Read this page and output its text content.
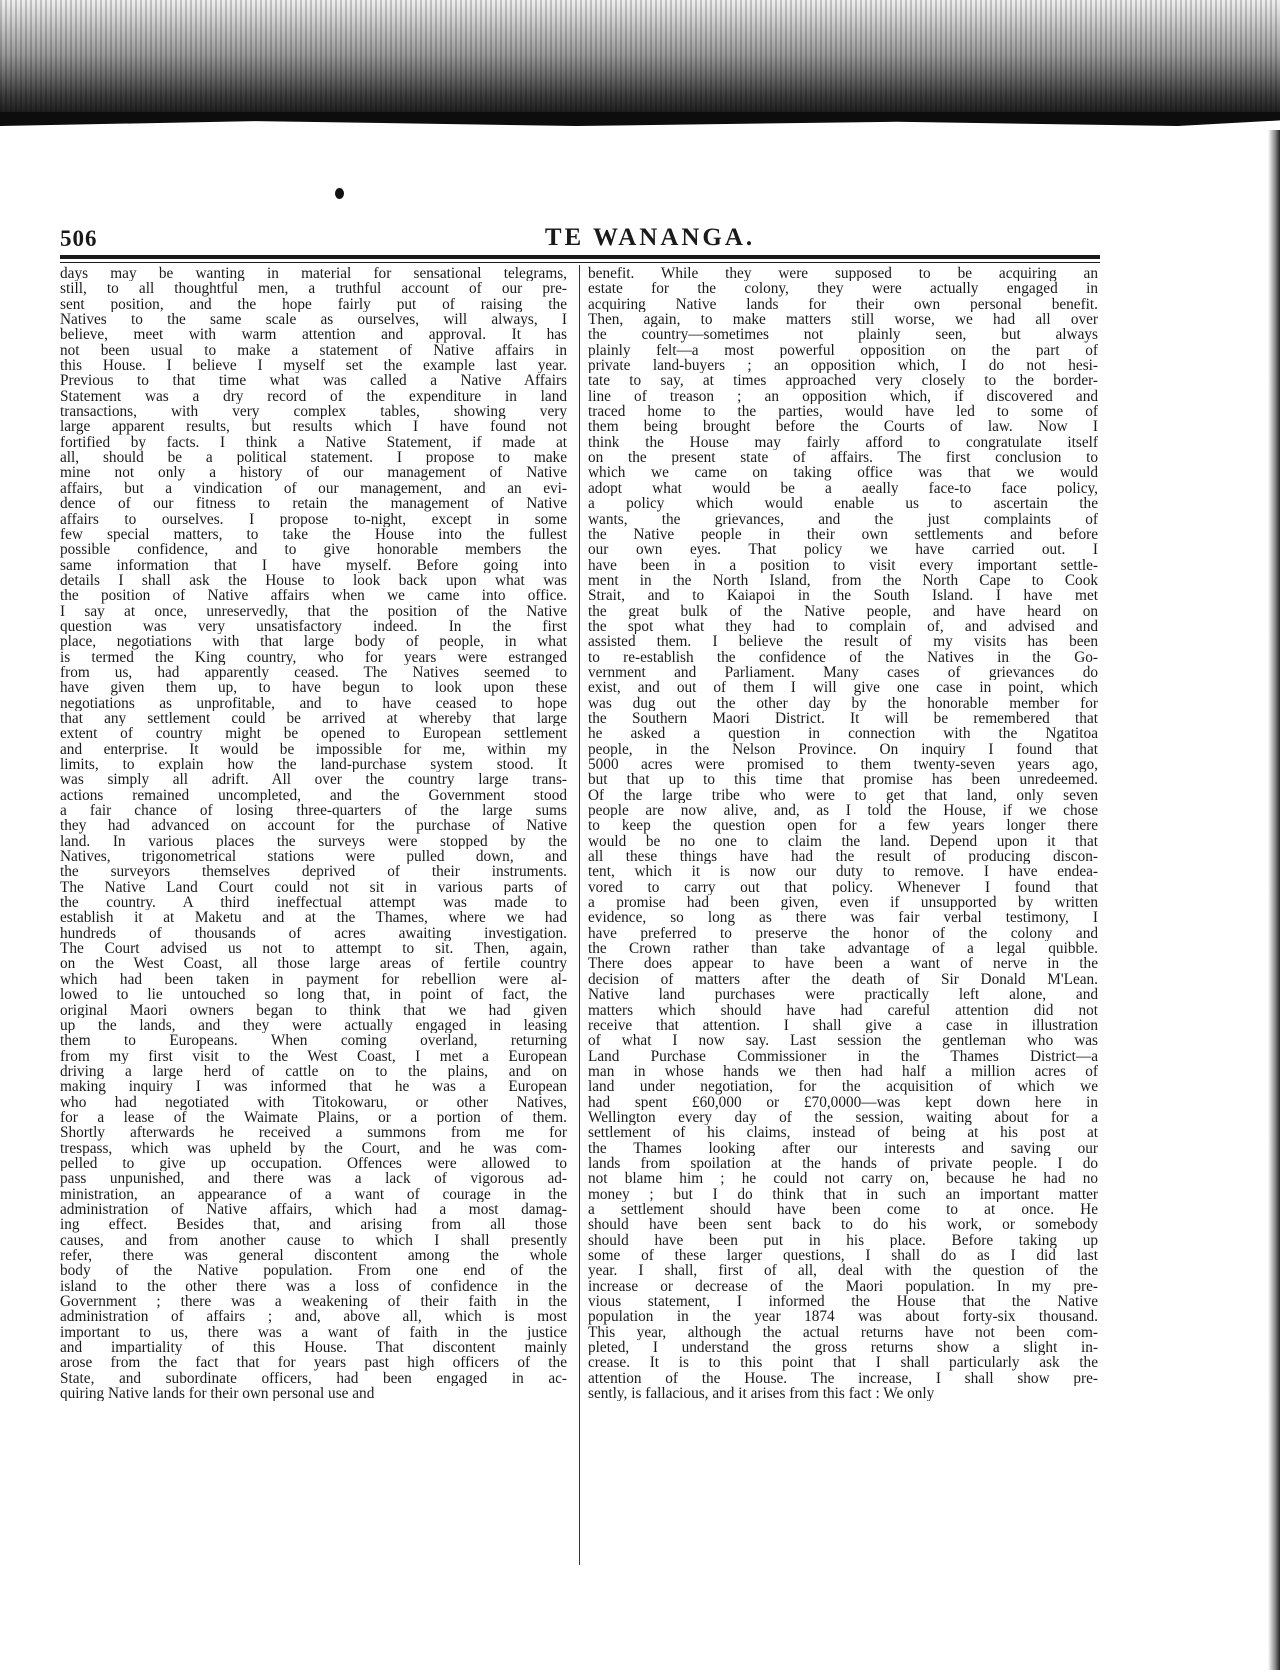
506	TE WANANGA.
days may be wanting in material for sensational telegrams,
still, to all thoughtful men, a truthful account of our pre-
sent position, and the hope fairly put of raising the
Natives to the same scale as ourselves, will always, I
believe, meet with warm attention and approval. It has
not been usual to make a statement of Native affairs in
this House. I believe I myself set the example last year.
Previous to that time what was called a Native Affairs
Statement was a dry record of the expenditure in land
transactions, with very complex tables, showing very
large apparent results, but results which I have found not
fortified by facts. I think a Native Statement, if made at
all, should be a political statement. I propose to make
mine not only a history of our management of Native
affairs, but a vindication of our management, and an evi-
dence of our fitness to retain the management of Native
affairs to ourselves. I propose to-night, except in some
few special matters, to take the House into the fullest
possible confidence, and to give honorable members the
same information that I have myself. Before going into
details I shall ask the House to look back upon what was
the position of Native affairs when we came into office.
I say at once, unreservedly, that the position of the Native
question was very unsatisfactory indeed. In the first
place, negotiations with that large body of people, in what
is termed the King country, who for years were estranged
from us, had apparently ceased. The Natives seemed to
have given them up, to have begun to look upon these
negotiations as unprofitable, and to have ceased to hope
that any settlement could be arrived at whereby that large
extent of country might be opened to European settlement
and enterprise. It would be impossible for me, within my
limits, to explain how the land-purchase system stood. It
was simply all adrift. All over the country large trans-
actions remained uncompleted, and the Government stood
a fair chance of losing three-quarters of the large sums
they had advanced on account for the purchase of Native
land. In various places the surveys were stopped by the
Natives, trigonometrical stations were pulled down, and
the surveyors themselves deprived of their instruments.
The Native Land Court could not sit in various parts of
the country. A third ineffectual attempt was made to
establish it at Maketu and at the Thames, where we had
hundreds of thousands of acres awaiting investigation.
The Court advised us not to attempt to sit. Then, again,
on the West Coast, all those large areas of fertile country
which had been taken in payment for rebellion were al-
lowed to lie untouched so long that, in point of fact, the
original Maori owners began to think that we had given
up the lands, and they were actually engaged in leasing
them to Europeans. When coming overland, returning
from my first visit to the West Coast, I met a European
driving a large herd of cattle on to the plains, and on
making inquiry I was informed that he was a European
who had negotiated with Titokowaru, or other Natives,
for a lease of the Waimate Plains, or a portion of them.
Shortly afterwards he received a summons from me for
trespass, which was upheld by the Court, and he was com-
pelled to give up occupation. Offences were allowed to
pass unpunished, and there was a lack of vigorous ad-
ministration, an appearance of a want of courage in the
administration of Native affairs, which had a most damag-
ing effect. Besides that, and arising from all those
causes, and from another cause to which I shall presently
refer, there was general discontent among the whole
body of the Native population. From one end of the
island to the other there was a loss of confidence in the
Government ; there was a weakening of their faith in the
administration of affairs ; and, above all, which is most
important to us, there was a want of faith in the justice
and impartiality of this House. That discontent mainly
arose from the fact that for years past high officers of the
State, and subordinate officers, had been engaged in ac-
quiring Native lands for their own personal use and
benefit. While they were supposed to be acquiring an
estate for the colony, they were actually engaged in
acquiring Native lands for their own personal benefit.
Then, again, to make matters still worse, we had all over
the country—sometimes not plainly seen, but always
plainly felt—a most powerful opposition on the part of
private land-buyers ; an opposition which, I do not hesi-
tate to say, at times approached very closely to the border-
line of treason ; an opposition which, if discovered and
traced home to the parties, would have led to some of
them being brought before the Courts of law. Now I
think the House may fairly afford to congratulate itself
on the present state of affairs. The first conclusion to
which we came on taking office was that we would
adopt what would be a aeally face-to face policy,
a policy which would enable us to ascertain the
wants, the grievances, and the just complaints of
the Native people in their own settlements and before
our own eyes. That policy we have carried out. I
have been in a position to visit every important settle-
ment in the North Island, from the North Cape to Cook
Strait, and to Kaiapoi in the South Island. I have met
the great bulk of the Native people, and have heard on
the spot what they had to complain of, and advised and
assisted them. I believe the result of my visits has been
to re-establish the confidence of the Natives in the Go-
vernment and Parliament. Many cases of grievances do
exist, and out of them I will give one case in point, which
was dug out the other day by the honorable member for
the Southern Maori District. It will be remembered that
he asked a question in connection with the Ngatitoa
people, in the Nelson Province. On inquiry I found that
5000 acres were promised to them twenty-seven years ago,
but that up to this time that promise has been unredeemed.
Of the large tribe who were to get that land, only seven
people are now alive, and, as I told the House, if we chose
to keep the question open for a few years longer there
would be no one to claim the land. Depend upon it that
all these things have had the result of producing discon-
tent, which it is now our duty to remove. I have endea-
vored to carry out that policy. Whenever I found that
a promise had been given, even if unsupported by written
evidence, so long as there was fair verbal testimony, I
have preferred to preserve the honor of the colony and
the Crown rather than take advantage of a legal quibble.
There does appear to have been a want of nerve in the
decision of matters after the death of Sir Donald M'Lean.
Native land purchases were practically left alone, and
matters which should have had careful attention did not
receive that attention. I shall give a case in illustration
of what I now say. Last session the gentleman who was
Land Purchase Commissioner in the Thames District—a
man in whose hands we then had half a million acres of
land under negotiation, for the acquisition of which we
had spent £60,000 or £70,0000—was kept down here in
Wellington every day of the session, waiting about for a
settlement of his claims, instead of being at his post at
the Thames looking after our interests and saving our
lands from spoilation at the hands of private people. I do
not blame him ; he could not carry on, because he had no
money ; but I do think that in such an important matter
a settlement should have been come to at once. He
should have been sent back to do his work, or somebody
should have been put in his place. Before taking up
some of these larger questions, I shall do as I did last
year. I shall, first of all, deal with the question of the
increase or decrease of the Maori population. In my pre-
vious statement, I informed the House that the Native
population in the year 1874 was about forty-six thousand.
This year, although the actual returns have not been com-
pleted, I understand the gross returns show a slight in-
crease. It is to this point that I shall particularly ask the
attention of the House. The increase, I shall show pre-
sently, is fallacious, and it arises from this fact : We only
